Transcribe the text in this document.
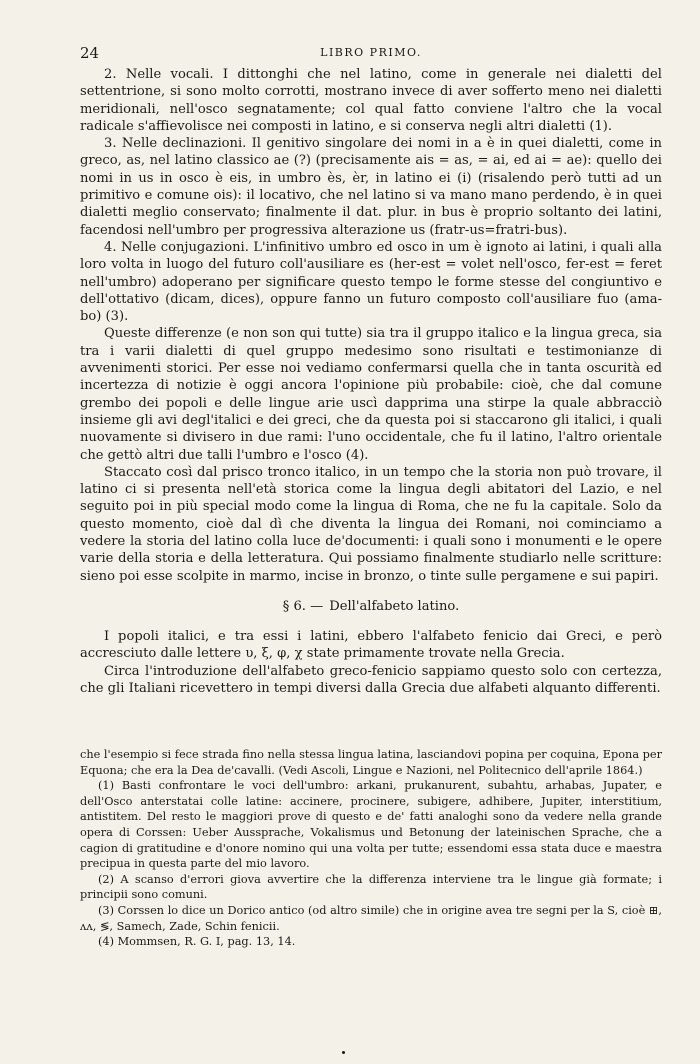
24	LIBRO PRIMO.

2. Nelle vocali. I dittonghi che nel latino, come in generale nei dialetti del settentrione, si sono molto corrotti, mostrano invece di aver sofferto meno nei dialetti meridionali, nell'osco segnatamente; col qual fatto conviene l'altro che la vocal radicale s'affievolisce nei composti in latino, e si conserva negli altri dialetti (1).

3. Nelle declinazioni. Il genitivo singolare dei nomi in a è in quei dialetti, come in greco, as, nel latino classico ae (?) (precisamente ais = as, = ai, ed ai = ae): quello dei nomi in us in osco è eis, in umbro ès, èr, in latino ei (i) (risalendo però tutti ad un primitivo e comune ois): il locativo, che nel latino si va mano mano perdendo, è in quei dialetti meglio conservato; finalmente il dat. plur. in bus è proprio soltanto dei latini, facendosi nell'umbro per progressiva alterazione us (fratr-us=fratri-bus).

4. Nelle conjugazioni. L'infinitivo umbro ed osco in um è ignoto ai latini, i quali alla loro volta in luogo del futuro coll'ausiliare es (her-est = volet nell'osco, fer-est = feret nell'umbro) adoperano per significare questo tempo le forme stesse del congiuntivo e dell'ottativo (dicam, dices), oppure fanno un futuro composto coll'ausiliare fuo (ama-bo) (3).

Queste differenze (e non son qui tutte) sia tra il gruppo italico e la lingua greca, sia tra i varii dialetti di quel gruppo medesimo sono risultati e testimonianze di avvenimenti storici. Per esse noi vediamo confermarsi quella che in tanta oscurità ed incertezza di notizie è oggi ancora l'opinione più probabile: cioè, che dal comune grembo dei popoli e delle lingue arie uscì dapprima una stirpe la quale abbracciò insieme gli avi degl'italici e dei greci, che da questa poi si staccarono gli italici, i quali nuovamente si divisero in due rami: l'uno occidentale, che fu il latino, l'altro orientale che gettò altri due talli l'umbro e l'osco (4).

Staccato così dal prisco tronco italico, in un tempo che la storia non può trovare, il latino ci si presenta nell'età storica come la lingua degli abitatori del Lazio, e nel seguito poi in più special modo come la lingua di Roma, che ne fu la capitale. Solo da questo momento, cioè dal dì che diventa la lingua dei Romani, noi cominciamo a vedere la storia del latino colla luce de'documenti: i quali sono i monumenti e le opere varie della storia e della letteratura. Qui possiamo finalmente studiarlo nelle scritture: sieno poi esse scolpite in marmo, incise in bronzo, o tinte sulle pergamene e sui papiri.

§ 6. — Dell'alfabeto latino.

I popoli italici, e tra essi i latini, ebbero l'alfabeto fenicio dai Greci, e però accresciuto dalle lettere υ, ξ, φ, χ state primamente trovate nella Grecia.

Circa l'introduzione dell'alfabeto greco-fenicio sappiamo questo solo con certezza, che gli Italiani ricevettero in tempi diversi dalla Grecia due alfabeti alquanto differenti.

che l'esempio si fece strada fino nella stessa lingua latina, lasciandovi popina per coquina, Epona per Equona; che era la Dea de'cavalli. (Vedi Ascoli, Lingue e Nazioni, nel Politecnico dell'aprile 1864.)

(1) Basti confrontare le voci dell'umbro: arkani, prukanurent, subahtu, arhabas, Jupater, e dell'Osco anterstatai colle latine: accinere, procinere, subigere, adhibere, Jupiter, interstitium, antistitem. Del resto le maggiori prove di questo e de' fatti analoghi sono da vedere nella grande opera di Corssen: Ueber Aussprache, Vokalismus und Betonung der lateinischen Sprache, che a cagion di gratitudine e d'onore nomino qui una volta per tutte; essendomi essa stata duce e maestra precipua in questa parte del mio lavoro.

(2) A scanso d'errori giova avvertire che la differenza interviene tra le lingue già formate; i principii sono comuni.

(3) Corssen lo dice un Dorico antico (od altro simile) che in origine avea tre segni per la S, cioè ⊞, ʌʌ, ≶, Samech, Zade, Schin fenicii.

(4) Mommsen, R. G. I, pag. 13, 14.
